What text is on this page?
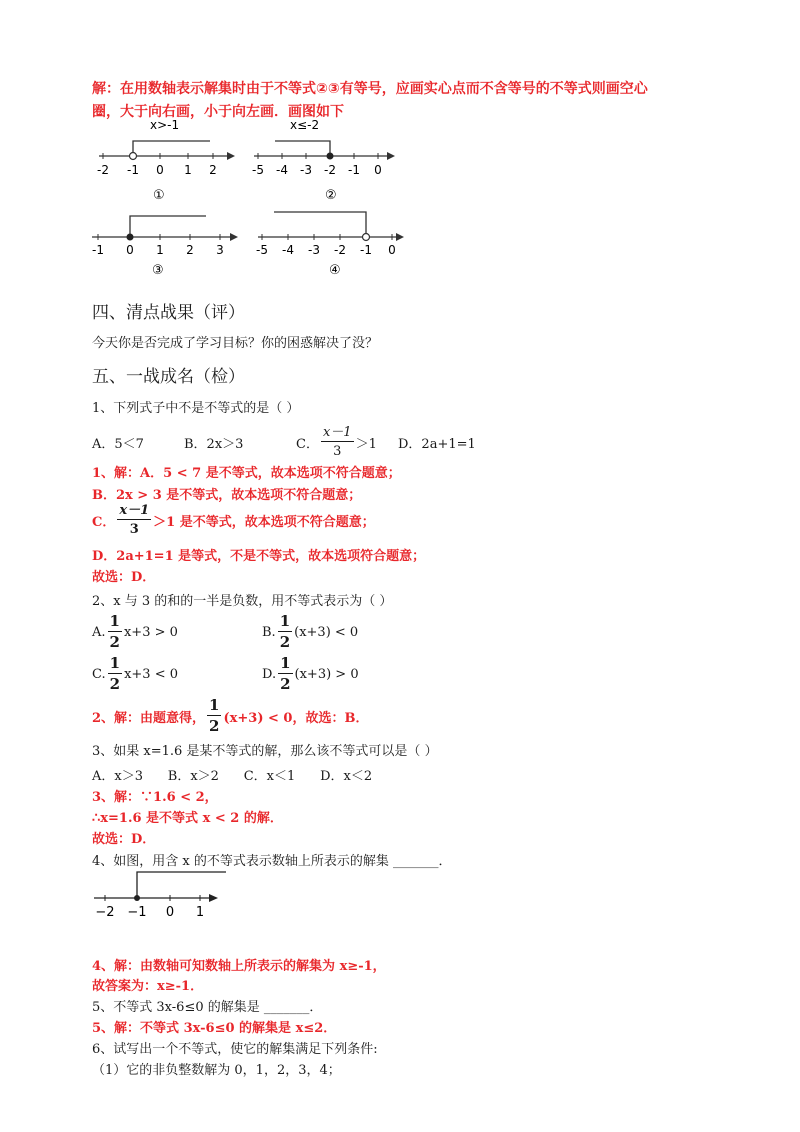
解：在用数轴表示解集时由于不等式②③有等号，应画实心点而不含等号的不等式则画空心
圈，大于向右画，小于向左画．画图如下
x>-1
-2 -1 0 1 2
①
x≤-2
-5 -4 -3 -2 -1 0
②
-1 0 1 2 3
③
-5 -4 -3 -2 -1 0
④
四、清点战果（评）
今天你是否完成了学习目标？你的困惑解决了没？
五、一战成名（检）
1、下列式子中不是不等式的是（ ）
A．5＜7	B．2x＞3	C． $\frac{x-1}{3} >1$ D．2a+1=1
1、解：A．5 < 7 是不等式，故本选项不符合题意；
B．2x > 3 是不等式，故本选项不符合题意；
C． $\frac{x-1}{3} >1$ 是不等式，故本选项不符合题意；
D．2a+1=1 是等式，不是不等式，故本选项符合题意；
故选：D．
2、x 与 3 的和的一半是负数，用不等式表示为（ ）
A. $\frac{1}{2} x+3 > 0$	B. $\frac{1}{2} (x+3) < 0$
C. $\frac{1}{2} x+3 < 0$	D. $\frac{1}{2} (x+3) > 0$
2、解：由题意得， $\frac{1}{2} (x+3) < 0$，故选：B．
3、如果 x=1.6 是某不等式的解，那么该不等式可以是（ ）
A．x＞3      B．x＞2      C．x＜1      D．x＜2
3、解：∵1.6 < 2，
∴x=1.6 是不等式 x < 2 的解．
故选：D．
4、如图，用含 x 的不等式表示数轴上所表示的解集 _______．
−2 −1 0 1
4、解：由数轴可知数轴上所表示的解集为 x≥-1，
故答案为：x≥-1．
5、不等式 3x-6≤0 的解集是 _______．
5、解：不等式 3x-6≤0 的解集是 x≤2．
6、试写出一个不等式，使它的解集满足下列条件:
（1）它的非负整数解为 0，1，2，3，4；
